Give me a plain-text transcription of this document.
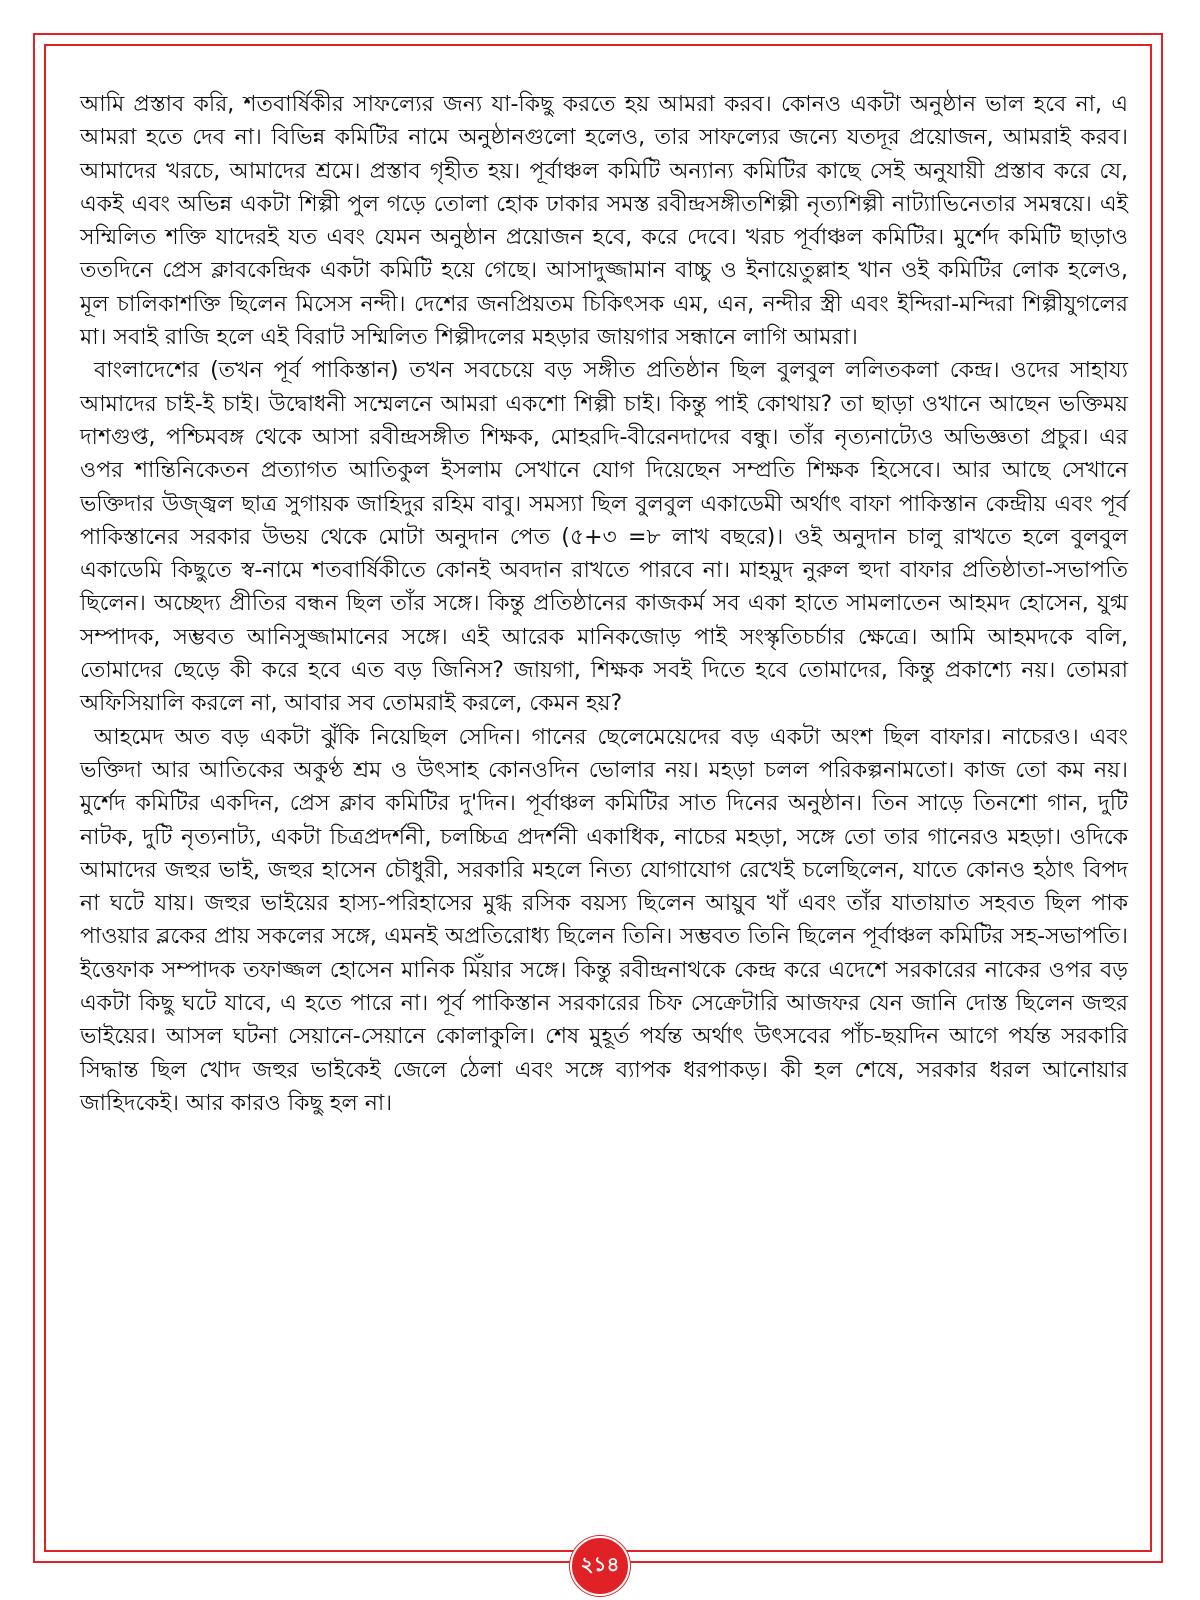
আমি প্রস্তাব করি, শতবার্ষিকীর সাফল্যের জন্য যা-কিছু করতে হয় আমরা করব। কোনও একটা অনুষ্ঠান ভাল হবে না, এ আমরা হতে দেব না। বিভিন্ন কমিটির নামে অনুষ্ঠানগুলো হলেও, তার সাফল্যের জন্যে যতদূর প্রয়োজন, আমরাই করব। আমাদের খরচে, আমাদের শ্রমে। প্রস্তাব গৃহীত হয়। পূর্বাঞ্চল কমিটি অন্যান্য কমিটির কাছে সেই অনুযায়ী প্রস্তাব করে যে, একই এবং অভিন্ন একটা শিল্পী পুল গড়ে তোলা হোক ঢাকার সমস্ত রবীন্দ্রসঙ্গীতশিল্পী নৃত্যশিল্পী নাট্যাভিনেতার সমন্বয়ে। এই সম্মিলিত শক্তি যাদেরই যত এবং যেমন অনুষ্ঠান প্রয়োজন হবে, করে দেবে। খরচ পূর্বাঞ্চল কমিটির। মুর্শেদ কমিটি ছাড়াও ততদিনে প্রেস ক্লাবকেন্দ্রিক একটা কমিটি হয়ে গেছে। আসাদুজ্জামান বাচ্চু ও ইনায়েতুল্লাহ খান ওই কমিটির লোক হলেও, মূল চালিকাশক্তি ছিলেন মিসেস নন্দী। দেশের জনপ্রিয়তম চিকিৎসক এম, এন, নন্দীর স্ত্রী এবং ইন্দিরা-মন্দিরা শিল্পীযুগলের মা। সবাই রাজি হলে এই বিরাট সম্মিলিত শিল্পীদলের মহড়ার জায়গার সন্ধানে লাগি আমরা।

বাংলাদেশের (তখন পূর্ব পাকিস্তান) তখন সবচেয়ে বড় সঙ্গীত প্রতিষ্ঠান ছিল বুলবুল ললিতকলা কেন্দ্র। ওদের সাহায্য আমাদের চাই-ই চাই। উদ্বোধনী সম্মেলনে আমরা একশো শিল্পী চাই। কিন্তু পাই কোথায়? তা ছাড়া ওখানে আছেন ভক্তিময় দাশগুপ্ত, পশ্চিমবঙ্গ থেকে আসা রবীন্দ্রসঙ্গীত শিক্ষক, মোহরদি-বীরেনদাদের বন্ধু। তাঁর নৃত্যনাট্যেও অভিজ্ঞতা প্রচুর। এর ওপর শান্তিনিকেতন প্রত্যাগত আতিকুল ইসলাম সেখানে যোগ দিয়েছেন সম্প্রতি শিক্ষক হিসেবে। আর আছে সেখানে ভক্তিদার উজ্জ্বল ছাত্র সুগায়ক জাহিদুর রহিম বাবু। সমস্যা ছিল বুলবুল একাডেমী অর্থাৎ বাফা পাকিস্তান কেন্দ্রীয় এবং পূর্ব পাকিস্তানের সরকার উভয় থেকে মোটা অনুদান পেত (৫+৩ =৮ লাখ বছরে)। ওই অনুদান চালু রাখতে হলে বুলবুল একাডেমি কিছুতে স্ব-নামে শতবার্ষিকীতে কোনই অবদান রাখতে পারবে না। মাহমুদ নুরুল হুদা বাফার প্রতিষ্ঠাতা-সভাপতি ছিলেন। অচ্ছেদ্য প্রীতির বন্ধন ছিল তাঁর সঙ্গে। কিন্তু প্রতিষ্ঠানের কাজকর্ম সব একা হাতে সামলাতেন আহমদ হোসেন, যুগ্ম সম্পাদক, সম্ভবত আনিসুজ্জামানের সঙ্গে। এই আরেক মানিকজোড় পাই সংস্কৃতিচর্চার ক্ষেত্রে। আমি আহমদকে বলি, তোমাদের ছেড়ে কী করে হবে এত বড় জিনিস? জায়গা, শিক্ষক সবই দিতে হবে তোমাদের, কিন্তু প্রকাশ্যে নয়। তোমরা অফিসিয়ালি করলে না, আবার সব তোমরাই করলে, কেমন হয়?

আহমেদ অত বড় একটা ঝুঁকি নিয়েছিল সেদিন। গানের ছেলেমেয়েদের বড় একটা অংশ ছিল বাফার। নাচেরও। এবং ভক্তিদা আর আতিকের অকুণ্ঠ শ্রম ও উৎসাহ কোনওদিন ভোলার নয়। মহড়া চলল পরিকল্পনামতো। কাজ তো কম নয়। মুর্শেদ কমিটির একদিন, প্রেস ক্লাব কমিটির দু'দিন। পূর্বাঞ্চল কমিটির সাত দিনের অনুষ্ঠান। তিন সাড়ে তিনশো গান, দুটি নাটক, দুটি নৃত্যনাট্য, একটা চিত্রপ্রদর্শনী, চলচ্চিত্র প্রদর্শনী একাধিক, নাচের মহড়া, সঙ্গে তো তার গানেরও মহড়া। ওদিকে আমাদের জহুর ভাই, জহুর হাসেন চৌধুরী, সরকারি মহলে নিত্য যোগাযোগ রেখেই চলেছিলেন, যাতে কোনও হঠাৎ বিপদ না ঘটে যায়। জহুর ভাইয়ের হাস্য-পরিহাসের মুগ্ধ রসিক বয়স্য ছিলেন আয়ুব খাঁ এবং তাঁর যাতায়াত সহবত ছিল পাক পাওয়ার ব্লকের প্রায় সকলের সঙ্গে, এমনই অপ্রতিরোধ্য ছিলেন তিনি। সম্ভবত তিনি ছিলেন পূর্বাঞ্চল কমিটির সহ-সভাপতি। ইত্তেফাক সম্পাদক তফাজ্জল হোসেন মানিক মিঁয়ার সঙ্গে। কিন্তু রবীন্দ্রনাথকে কেন্দ্র করে এদেশে সরকারের নাকের ওপর বড় একটা কিছু ঘটে যাবে, এ হতে পারে না। পূর্ব পাকিস্তান সরকারের চিফ সেক্রেটারি আজফর যেন জানি দোস্ত ছিলেন জহুর ভাইয়ের। আসল ঘটনা সেয়ানে-সেয়ানে কোলাকুলি। শেষ মুহূর্ত পর্যন্ত অর্থাৎ উৎসবের পাঁচ-ছয়দিন আগে পর্যন্ত সরকারি সিদ্ধান্ত ছিল খোদ জহুর ভাইকেই জেলে ঠেলা এবং সঙ্গে ব্যাপক ধরপাকড়। কী হল শেষে, সরকার ধরল আনোয়ার জাহিদকেই। আর কারও কিছু হল না।

২১৪
